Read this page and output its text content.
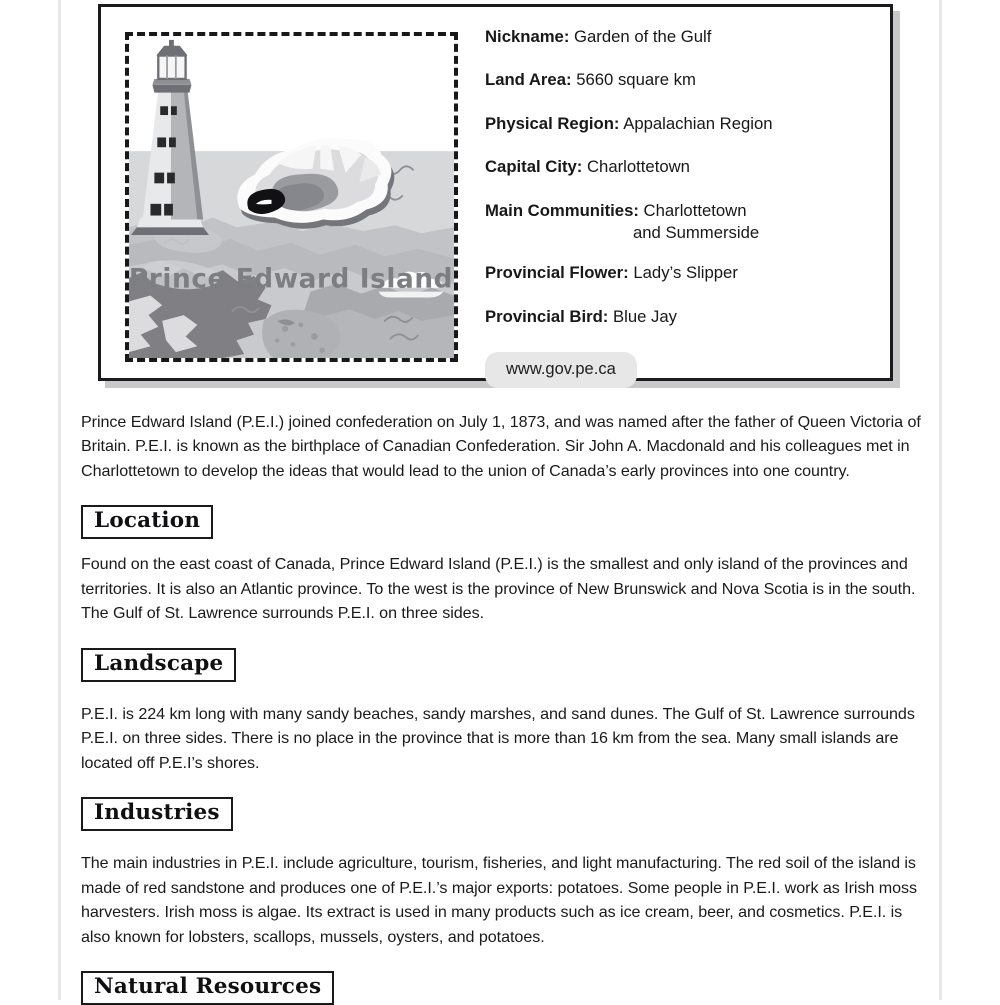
Prince Edward Island
Nickname: Garden of the Gulf
Land Area: 5660 square km
Physical Region: Appalachian Region
Capital City: Charlottetown
Main Communities: Charlottetown
and Summerside
Provincial Flower: Lady’s Slipper
Provincial Bird: Blue Jay
www.gov.pe.ca

Prince Edward Island (P.E.I.) joined confederation on July 1, 1873, and was named after the father of Queen Victoria of Britain. P.E.I. is known as the birthplace of Canadian Confederation. Sir John A. Macdonald and his colleagues met in Charlottetown to develop the ideas that would lead to the union of Canada’s early provinces into one country.

Location

Found on the east coast of Canada, Prince Edward Island (P.E.I.) is the smallest and only island of the provinces and territories. It is also an Atlantic province. To the west is the province of New Brunswick and Nova Scotia is in the south. The Gulf of St. Lawrence surrounds P.E.I. on three sides.

Landscape

P.E.I. is 224 km long with many sandy beaches, sandy marshes, and sand dunes. The Gulf of St. Lawrence surrounds P.E.I. on three sides. There is no place in the province that is more than 16 km from the sea. Many small islands are located off P.E.I’s shores.

Industries

The main industries in P.E.I. include agriculture, tourism, fisheries, and light manufacturing. The red soil of the island is made of red sandstone and produces one of P.E.I.’s major exports: potatoes. Some people in P.E.I. work as Irish moss harvesters. Irish moss is algae. Its extract is used in many products such as ice cream, beer, and cosmetics. P.E.I. is also known for lobsters, scallops, mussels, oysters, and potatoes.

Natural Resources
